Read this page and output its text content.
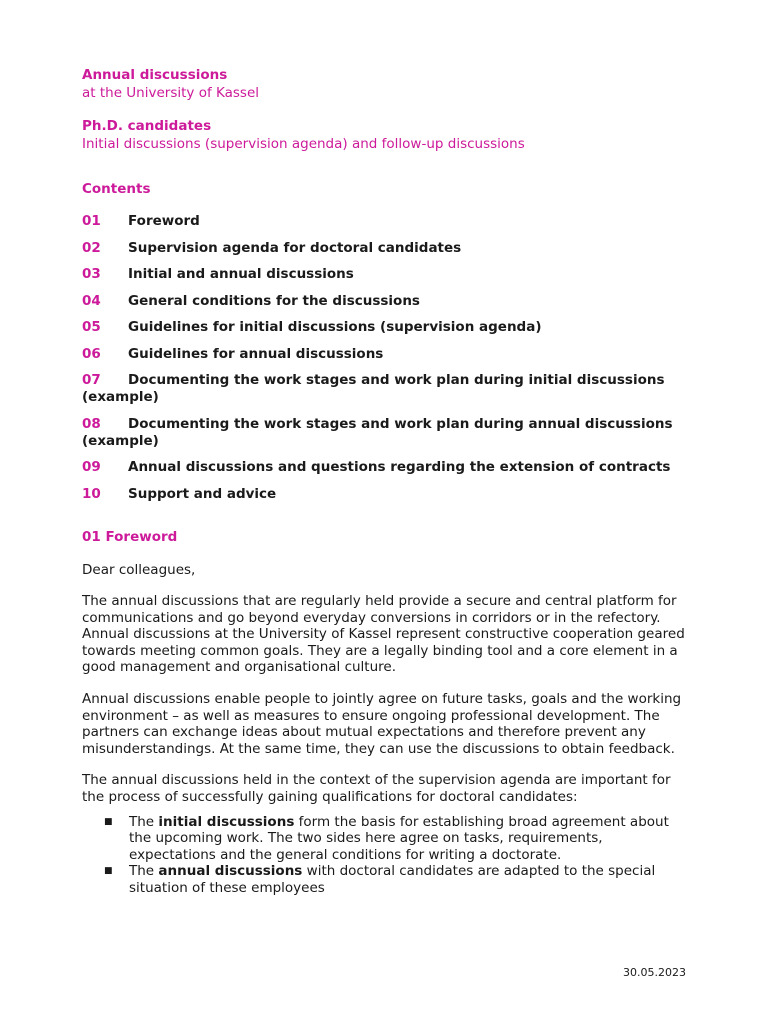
Annual discussions

at the University of Kassel

Ph.D. candidates

Initial discussions (supervision agenda) and follow-up discussions

Contents

01 Foreword
02 Supervision agenda for doctoral candidates
03 Initial and annual discussions
04 General conditions for the discussions
05 Guidelines for initial discussions (supervision agenda)
06 Guidelines for annual discussions
07 Documenting the work stages and work plan during initial discussions (example)
08 Documenting the work stages and work plan during annual discussions (example)
09 Annual discussions and questions regarding the extension of contracts
10 Support and advice

01 Foreword

Dear colleagues,

The annual discussions that are regularly held provide a secure and central platform for communications and go beyond everyday conversions in corridors or in the refectory. Annual discussions at the University of Kassel represent constructive cooperation geared towards meeting common goals. They are a legally binding tool and a core element in a good management and organisational culture.

Annual discussions enable people to jointly agree on future tasks, goals and the working environment – as well as measures to ensure ongoing professional development. The partners can exchange ideas about mutual expectations and therefore prevent any misunderstandings. At the same time, they can use the discussions to obtain feedback.

The annual discussions held in the context of the supervision agenda are important for the process of successfully gaining qualifications for doctoral candidates:

■ The initial discussions form the basis for establishing broad agreement about the upcoming work. The two sides here agree on tasks, requirements, expectations and the general conditions for writing a doctorate.
■ The annual discussions with doctoral candidates are adapted to the special situation of these employees
30.05.2023
